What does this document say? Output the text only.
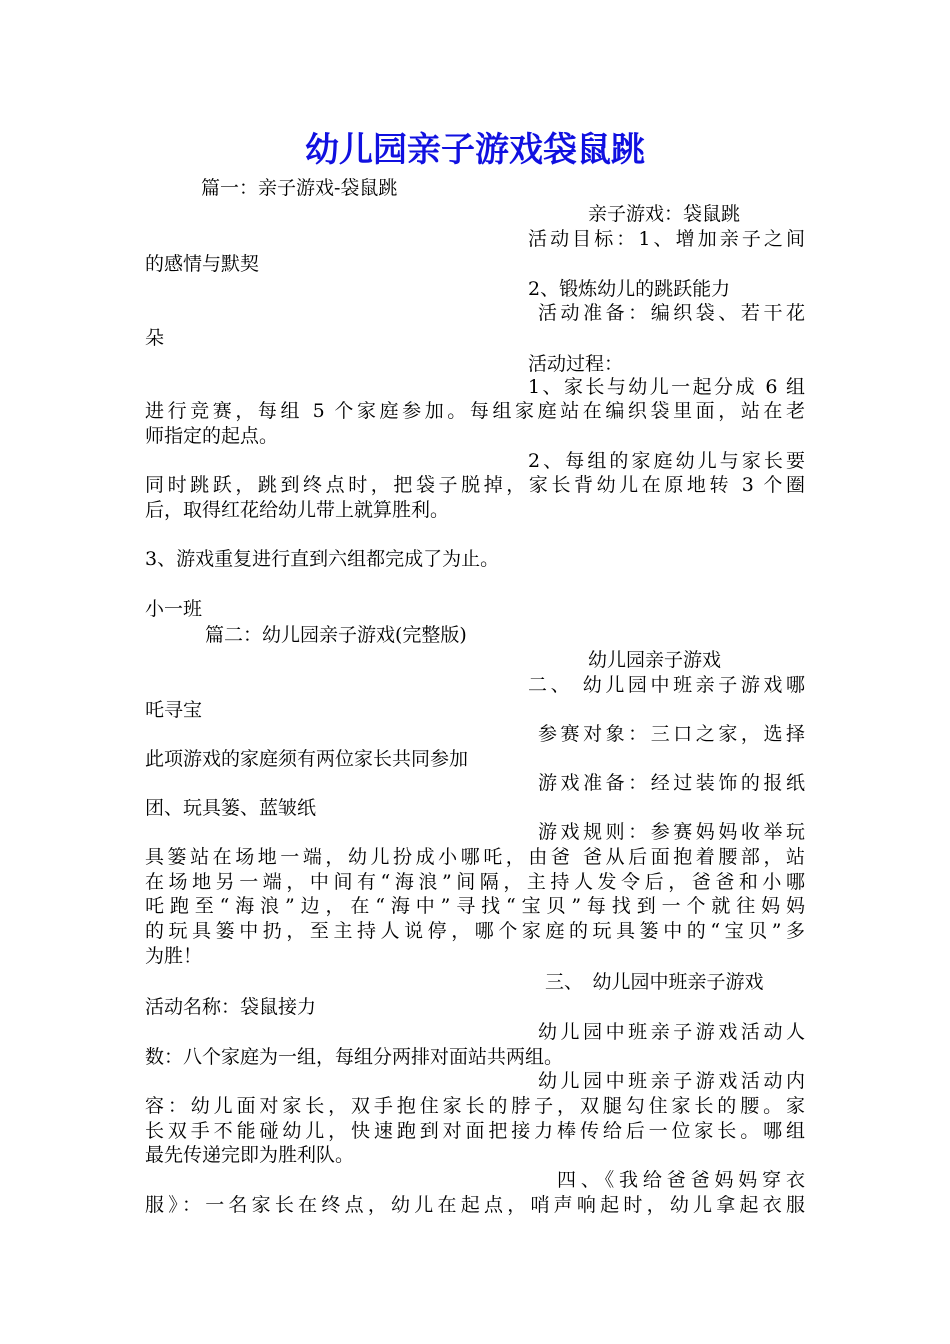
幼儿园亲子游戏袋鼠跳
篇一：亲子游戏-袋鼠跳
亲子游戏：袋鼠跳
活动目标：1、增加亲子之间
的感情与默契
2、锻炼幼儿的跳跃能力
活动准备：编织袋、若干花
朵
活动过程：
1、家长与幼儿一起分成 6 组
进行竞赛，每组 5 个家庭参加。每组家庭站在编织袋里面，站在老
师指定的起点。
2、每组的家庭幼儿与家长要
同时跳跃，跳到终点时，把袋子脱掉，家长背幼儿在原地转 3 个圈
后，取得红花给幼儿带上就算胜利。
3、游戏重复进行直到六组都完成了为止。
小一班
篇二：幼儿园亲子游戏(完整版)
幼儿园亲子游戏
二、 幼儿园中班亲子游戏哪
吒寻宝
参赛对象：三口之家，选择
此项游戏的家庭须有两位家长共同参加
游戏准备：经过装饰的报纸
团、玩具篓、蓝皱纸
游戏规则：参赛妈妈收举玩
具篓站在场地一端，幼儿扮成小哪吒，由爸 爸从后面抱着腰部，站
在场地另一端，中间有“海浪”间隔，主持人发令后，爸爸和小哪
吒跑至“海浪”边，在“海中”寻找“宝贝”每找到一个就往妈妈
的玩具篓中扔，至主持人说停，哪个家庭的玩具篓中的“宝贝”多
为胜！
三、　幼儿园中班亲子游戏
活动名称：袋鼠接力
幼儿园中班亲子游戏活动人
数：八个家庭为一组，每组分两排对面站共两组。
幼儿园中班亲子游戏活动内
容：幼儿面对家长，双手抱住家长的脖子，双腿勾住家长的腰。家
长双手不能碰幼儿，快速跑到对面把接力棒传给后一位家长。哪组
最先传递完即为胜利队。
四、《我给爸爸妈妈穿衣
服》：一名家长在终点，幼儿在起点，哨声响起时，幼儿拿起衣服
